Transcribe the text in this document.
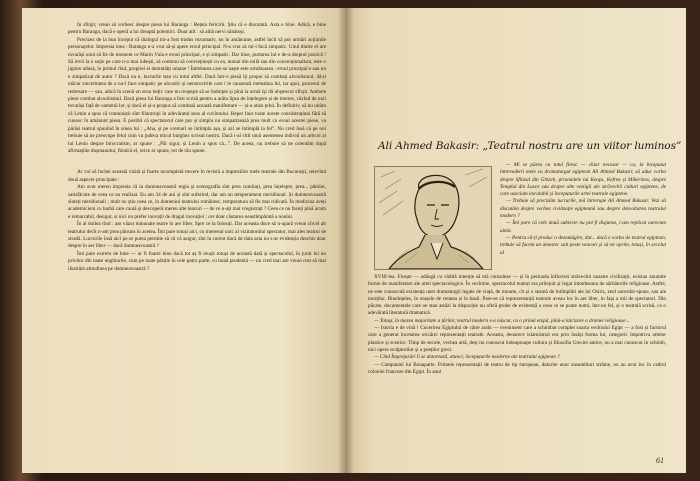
In sfirşit, vreau să vorbesc despre piesa lui Baranga : Rețeta fericirii. Știu că e discutată. Asta e bine. Adică, e bine pentru Baranga, dacă e operă a lui dreaptă polemici. Doar atît : să aibă nervi sănătoşi.

Precizez de la bun început că dialogul mi-a fost tradus rezumativ, nu în amănunte, astfel încît să pot urmări acțiunile personajelor. Impresia mea : Baranga n-a vrut să-și apere eroul principal. N-a vrut să mi-l facă simpatic. Unul dintre ei are tovarăși unul să fie de moment ce Marin Vuia e eroul principal, e și simpatic. Dar bine, purtarea lui e de-a dreptul josnică ! Să revii la o soție pe care n-o mai iubești, să continui să conviețuiești cu ea, numai din milă sau din convenționalism, este o jignire adusă, în primul rînd, propriei ei demnități umane ! Întrebarea care se naște este următoarea : eroul principal e sau nu e simpatizat de autor ? Dacă nu e, lucrurile stau cu totul altfel. Dacă într-o piesă îți propui să combați alcoolismul, dă-ți măcar sinceritatea de a nu-l face simpatic pe alcoolic și nenorocirile care i le cauzează meteahna lui, iar apoi, procesul de redresare — sau, adică în scenă un erou beţiv care nu reuşeşte să se îndrepte şi pînă la urmă îşi dă obştescul sfîrşit. Ambele piese combat alcoolismul. Dacă piesa lui Baranga a fost scrisă pentru a arăta lipsa de înțelegere și de interes, văzînd de unii tovarăși față de oamenii lor, și dacă el și-a propus să combată această manifestare — și-a atins țelul. În definitiv, să nu uităm că Lenin a spus că comuniștii sînt filantropi în adevăratul sens al cuvîntului. Reper face toate aceste considerațiuni fără să cunosc în amănunt piesa. E posibil că spectatorul care pur și simplu nu simpatizează prea mult cu eroul acestei piese, va părăsi teatrul spunînd în sinea lui : „Aha, și pe vremuri se întîmpla așa, și azi se întîmplă la fel”. Nu cred însă că pe noi trebuie să ne preocupe felul cum va judeca micul burghez scrisul nostru. Dacă i-ai citit unui asemenea individ un articol al lui Lenin despre birocratism, ar spune : „Păi sigur, și Lenin a spus că...”. De aceea, nu trebuie să ne orientăm după afirmațiile dușmanului, fiindcă el, orice ar spune, tot de rău spune.

Ar voi să închei această vizită și foarte incompletă trecere în revistă a impresiilor mele teatrale din Bucureşti, relevînd două aspecte principale :

Am avut mereu impresia că la dumneavoastră regia și scenografia sînt prea cumiinți, prea înțelepte, prea... pămînt, satisfăcute de ceea ce au realizat. Eu am 34 de ani și sînt suferind, dar am un temperament meridional. Și dumneavoastră sînteți meridionali ; mult nu știu ceea ce, în domeniul teatrului românesc, temperatura să fie mai ridicată. În medicina aveți academicieni cu barbă care caută și descoperă mereu alte leacuri — de ce n-ați mai vregistrați ? Ceea ce nu faceți pînă acum e remarcabil, desigur, si nici nu prefer inovații de dragul inovației ; cer doar căutarea neastîmpărată a noului.

În al doilea rînd : am văzut minunate teatre în aer liber. Spre ce la folosiți. Dar aceasta duce să n-apară vreun cîrcel alt teatrului decît n-am prea pătruns în acelea. Îmi pare totuși aici, cu interesul unic al vizitatorului spectator, mai ales teatrul de stradă. Lucrurile însă aici pe-ar putea permite să vă vă asigur, sînt la curent dacă de data asta nu s-ar evidenția deschis doar despre în aer liber — dacă dumneavoastră ?

Îmi pare extrem de bine — ar fi foarte bine dacă tot aș fi reușit totuși de această dată și spectacolul, în jurul lui un privitor din toate unghiurile, cum pe toate părțile în cele patru parte, cu bună prudentă — nu cred mai are vreun rost să mai ilustrăm atitudinea pe dumneavoastră ?

Ali Ahmed Bakasir: „Teatrul nostru are un viitor luminos”

— Mi se părea cu totul firesc — chiar necesar — ca, la începutul întrevederii mele cu dramaturgul egiptean Ali Ahmed Bakasir, să aduc vorba despre Sfinxul din Ghizeh, piramidele lui Keops, Kefren și Mikerinos, despre Templul din Luxor sau despre alte vestigii ale străvechii culturi egiptene, de care asociam inevitabil și începuturile artei teatrale egiptene.

— Trebuie să precizăm lucrurile, mă întrerupe Ali Ahmed Bakasir. Vezi să discutăm despre vechea civilizație egipteană sau despre dezvoltarea teatrului modern ?

— Îmi pare că cele două subiecte nu pot fi disjunse, i-am replicat oarecum uimit.

— Pentru că-ți produc o dezamăgire, dar... dacă e vorba de teatrul egiptean, trebuie să facem un amestec salt peste veacuri și să ne oprim, totuși, în secolul al

XVIII-lea. Firește — adăugă cu vădită intenție să mă consoleze — și în perioada înflorirei străvechii noastre civilizații, existau anumite forme de manifestare ale artei spectacologice. În vechime, spectacolul teatral era prilejuit și legat întotdeauna de sărbătorile religioase. Astfel, ne este cunoscută existența unei dramaturgii legate de viață, de moarte, cît și o seamă de întîmplări ale lui Osiris, zeul sacerdot-spune, sau ale morților. Bineînțeles, în orașele de cetatea și în basii. Pare-se că reprezentanții teatrale aveau loc în aer liber, in fața a mii de spectatori. Din păcate, documentele care ne stau astăzi la dispoziție nu oferă probe de existență a ceea ce se poate numi, într-un fel, și o teatrală scrisă, ca o adevărată literatură dramatică.

— Totuși, în marea majoritate a țărilor, teatrul modern s-a născut, ca o primă etapă, pînă-a laicizare a dramei religioase...

— Istoria e de vină ! Cucerirea Egiptului de către arabi — eveniment care a schimbat complet soarta vechiului Egipt — a fost și factorul care a generat încetarea oricărei reprezentații teatrale. Aceasta, deoarece islamismul era prin însăși forma lui, categoric împotriva artelor plastice și scenice. Timp de secole, vechea artă, deși nu cunoscut îndeaproape cultura și filozofia Greciei antice, nu a mai cunoscut în schimb, nici opera sculptorilor și a poeților greci.

— Cînd Împrejurări îi se datorează, atunci, începuturile moderne ale teatrului egiptean ?

— Campaniei lui Bonaparte. Primele reprezentații de teatru de tip european, datorite unor ansambluri străine, nu au avut loc în cadrul coloniei franceze din Egipt. În anul

61
